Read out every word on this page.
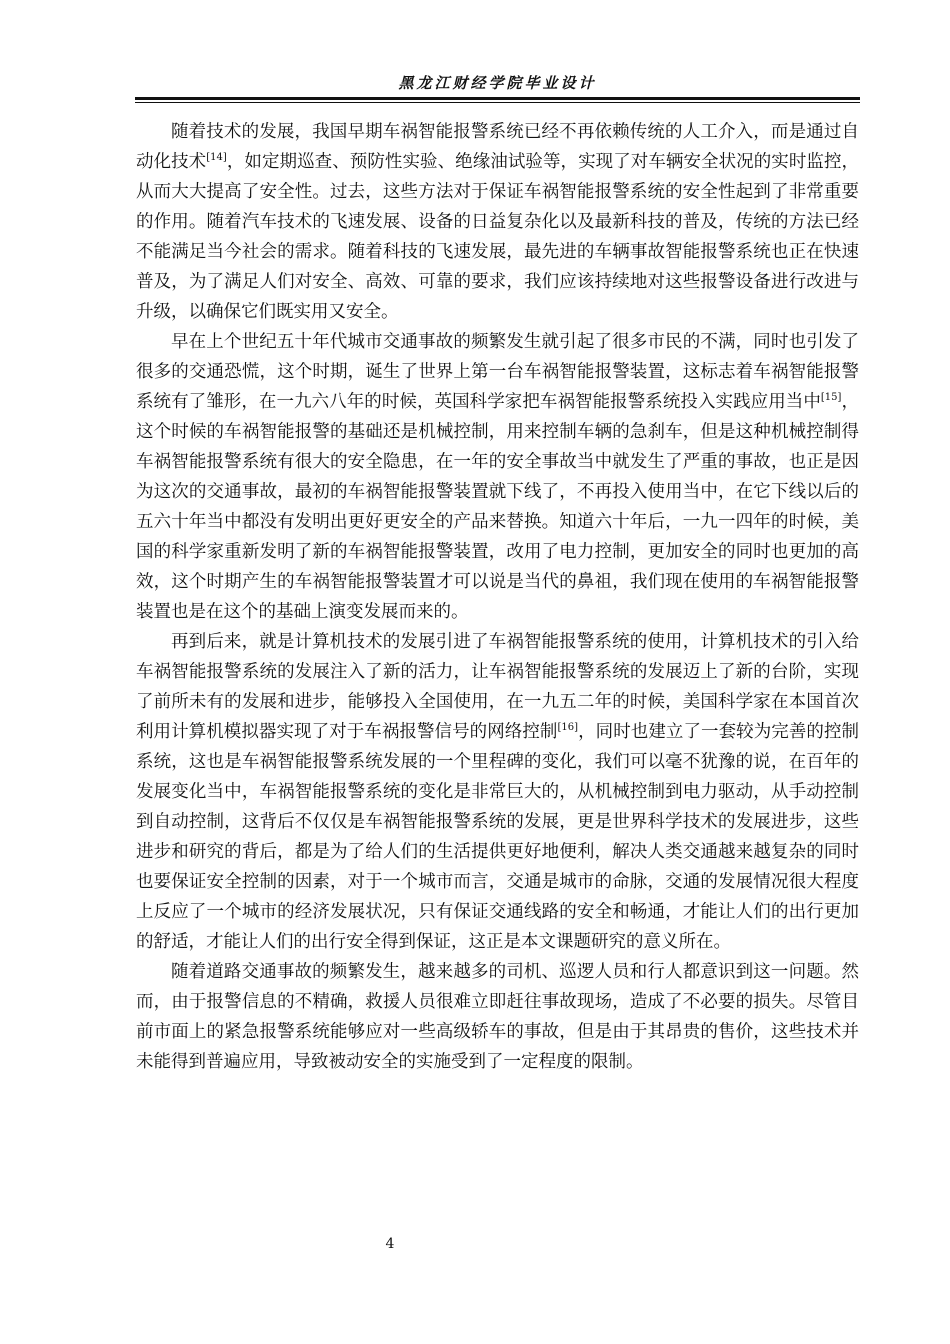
黑龙江财经学院毕业设计

随着技术的发展，我国早期车祸智能报警系统已经不再依赖传统的人工介入，而是通过自动化技术[14]，如定期巡查、预防性实验、绝缘油试验等，实现了对车辆安全状况的实时监控，从而大大提高了安全性。过去，这些方法对于保证车祸智能报警系统的安全性起到了非常重要的作用。随着汽车技术的飞速发展、设备的日益复杂化以及最新科技的普及，传统的方法已经不能满足当今社会的需求。随着科技的飞速发展，最先进的车辆事故智能报警系统也正在快速普及，为了满足人们对安全、高效、可靠的要求，我们应该持续地对这些报警设备进行改进与升级，以确保它们既实用又安全。

早在上个世纪五十年代城市交通事故的频繁发生就引起了很多市民的不满，同时也引发了很多的交通恐慌，这个时期，诞生了世界上第一台车祸智能报警装置，这标志着车祸智能报警系统有了雏形，在一九六八年的时候，英国科学家把车祸智能报警系统投入实践应用当中[15]，这个时候的车祸智能报警的基础还是机械控制，用来控制车辆的急刹车，但是这种机械控制得车祸智能报警系统有很大的安全隐患，在一年的安全事故当中就发生了严重的事故，也正是因为这次的交通事故，最初的车祸智能报警装置就下线了，不再投入使用当中，在它下线以后的五六十年当中都没有发明出更好更安全的产品来替换。知道六十年后，一九一四年的时候，美国的科学家重新发明了新的车祸智能报警装置，改用了电力控制，更加安全的同时也更加的高效，这个时期产生的车祸智能报警装置才可以说是当代的鼻祖，我们现在使用的车祸智能报警装置也是在这个的基础上演变发展而来的。

再到后来，就是计算机技术的发展引进了车祸智能报警系统的使用，计算机技术的引入给车祸智能报警系统的发展注入了新的活力，让车祸智能报警系统的发展迈上了新的台阶，实现了前所未有的发展和进步，能够投入全国使用，在一九五二年的时候，美国科学家在本国首次利用计算机模拟器实现了对于车祸报警信号的网络控制[16]，同时也建立了一套较为完善的控制系统，这也是车祸智能报警系统发展的一个里程碑的变化，我们可以毫不犹豫的说，在百年的发展变化当中，车祸智能报警系统的变化是非常巨大的，从机械控制到电力驱动，从手动控制到自动控制，这背后不仅仅是车祸智能报警系统的发展，更是世界科学技术的发展进步，这些进步和研究的背后，都是为了给人们的生活提供更好地便利，解决人类交通越来越复杂的同时也要保证安全控制的因素，对于一个城市而言，交通是城市的命脉，交通的发展情况很大程度上反应了一个城市的经济发展状况，只有保证交通线路的安全和畅通，才能让人们的出行更加的舒适，才能让人们的出行安全得到保证，这正是本文课题研究的意义所在。

随着道路交通事故的频繁发生，越来越多的司机、巡逻人员和行人都意识到这一问题。然而，由于报警信息的不精确，救援人员很难立即赶往事故现场，造成了不必要的损失。尽管目前市面上的紧急报警系统能够应对一些高级轿车的事故，但是由于其昂贵的售价，这些技术并未能得到普遍应用，导致被动安全的实施受到了一定程度的限制。

4
